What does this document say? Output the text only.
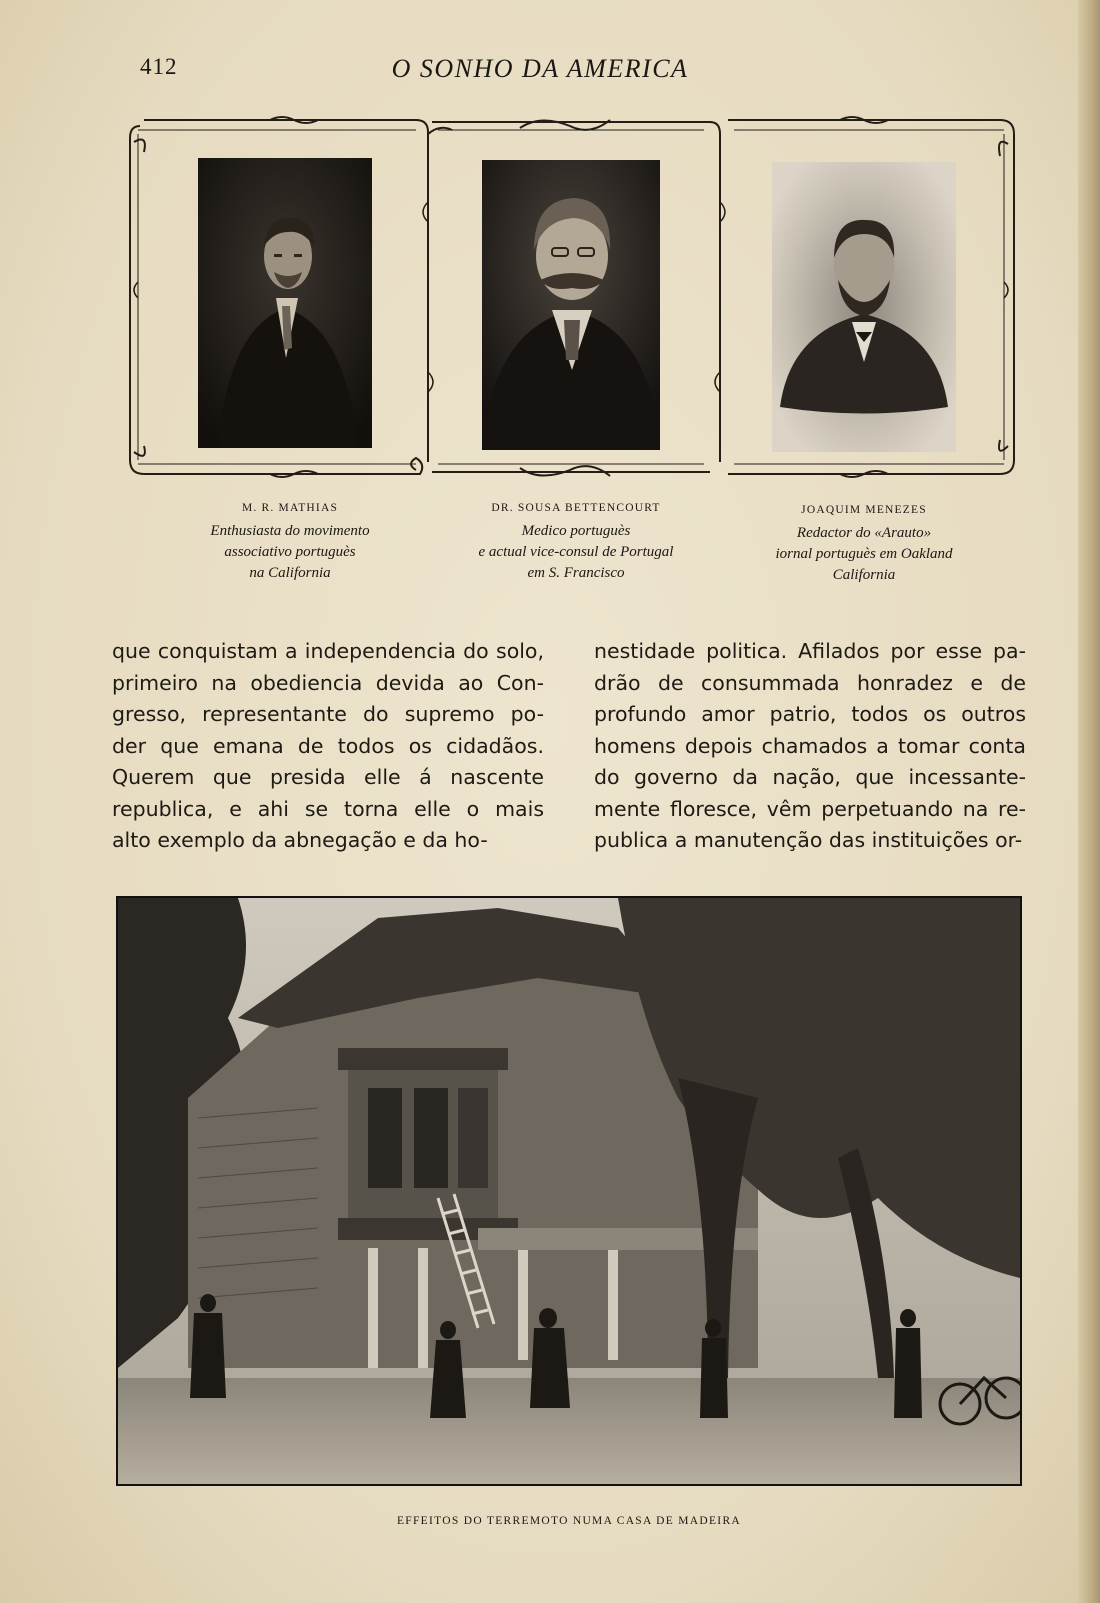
412	O SONHO DA AMERICA
M. R. MATHIAS
Enthusiasta do movimento
associativo portuguès
na California
DR. SOUSA BETTENCOURT
Medico portuguès
e actual vice-consul de Portugal
em S. Francisco
JOAQUIM MENEZES
Redactor do «Arauto»
iornal portuguès em Oakland
California
que conquistam a independencia do solo,
primeiro na obediencia devida ao Con-
gresso, representante do supremo po-
der que emana de todos os cidadãos.
Querem que presida elle á nascente
republica, e ahi se torna elle o mais
alto exemplo da abnegação e da ho-
nestidade politica. Afilados por esse pa-
drão de consummada honradez e de
profundo amor patrio, todos os outros
homens depois chamados a tomar conta
do governo da nação, que incessante-
mente floresce, vêm perpetuando na re-
publica a manutenção das instituições or-
EFFEITOS DO TERREMOTO NUMA CASA DE MADEIRA
